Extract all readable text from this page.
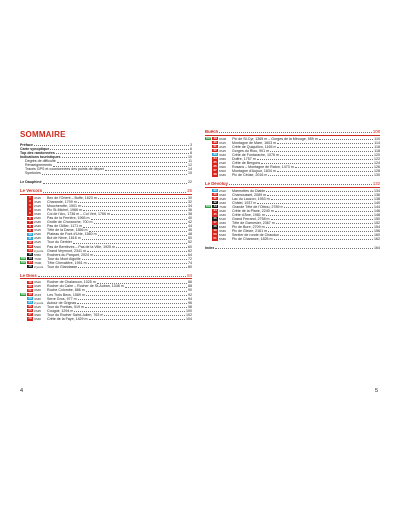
SOMMAIRE
Préface	3
Carte synoptique	6
Top des randonnées	8
Indications touristiques	10
Degrés de difficulté	11
Renseignements	12
Tracés GPS et coordonnées des points de départ	14
Symboles	15
Le Dauphiné	22
Le Vercors	26
1	4h15	Bec de l'Orient – Buffe, 1623 m	30
2	3h45	Charande, 1709 m	32
3	2h15	Moucherotte, 1901 m	34
4	3h15	Pic St-Michel, 1966 m	36
5	3h30	Col de l'Arc, 1736 m – Col Vert, 1766 m	38
6	2h30	Pas de la Ferrière, 1965 m	40
7	2h45	Grotte de Choranche, 700 m	42
8	4h30	Pas de l'Allier, 1171 m	44
9	3h15	Tête de la Dame, 1556 m	46
10 2h20	Plateau de Font d'Urle, 1560 m	48
11 4h45	But de Nève, 1616 m	50
12 4h15	Tour du Gerbier	52
13 5h00	Pas de Berrièves – Pas de la Ville, 1925 m	60
14 2 jours	Grand Veymont, 2341 m	62
15 5h50	Rochers du Parquet, 2024 m	64
TOP 16 7h00	Tour du Mont Aiguille	72
TOP 17 7h00	Tête Chevalière, 1951 m	74
18 2 jours	Tour du Glandasse	80
Le Diois	84
19 3h10	Rocher de Chalancon, 1025 m	86
20 3h45	Rocher du Caire – Rocher de St-Auban, 1048 m	88
21 3h30	Roche Colombe, 886 m	90
TOP 22 4h15	Les Trois Becs, 1589 m	92
23 4h30	Serre Gros, 977 m	94
24 2 jours	Autour de Grignas	96
25 3h15	Tour du Pontias, 519 m	98
26 2h45	Cougoir, 1294 m	100
27 4h00	Tour du Rocher Saint-Julien, 763 m	102
28 3h30	Crête de la Faye, 1429 m	104
Buëch	108
TOP 29 6h00	Pic de St-Cyr, 1365 m – Gorges de la Méouge, 559 m	110
30 3h15	Montagne de Mare, 1603 m	114
31 4h15	Crête de Quiquillon, 1165 m	118
32 3h15	Gorges du Riou, 901 m	118
33 3h30	Crête de Fontarache, 1076 m	120
34 4h50	Duffre, 1757 m	122
35 2h45	Crête de Bergons	124
36 3h00	Rosans – Montagne de Raton, 1473 m	126
37 6h00	Montagne d'Aujour, 1834 m	128
38 3h30	Pic de Céüse, 2016 m	130
Le Dévoluy	132
39 2h10	Marmottes du Diable	134
40 3h30	Chamousset, 2089 m	136
41 4h45	Lac du Lauzon, 1953 m	138
42 4h30	Châtel, 1937 m	140
TOP 43 7h00	Grande Tête de l'Obiou, 2789 m	144
44 4h45	Crête de la Plane, 2240 m	146
45 4h30	Crête d'Âne, 1981 m	148
46 5h15	Grand Ferrand, 2758 m	150
47 4h30	Tête de Garnesier, 2367 m	152
48 6h30	Pic de Bure, 2709 m	154
49 3h30	Pic de Gleize, 2161 m	156
50 5h30	Sentier de ronde de Chaudun	160
51 5h30	Pic de Charance, 1825 m	162
Index	164
4	5
